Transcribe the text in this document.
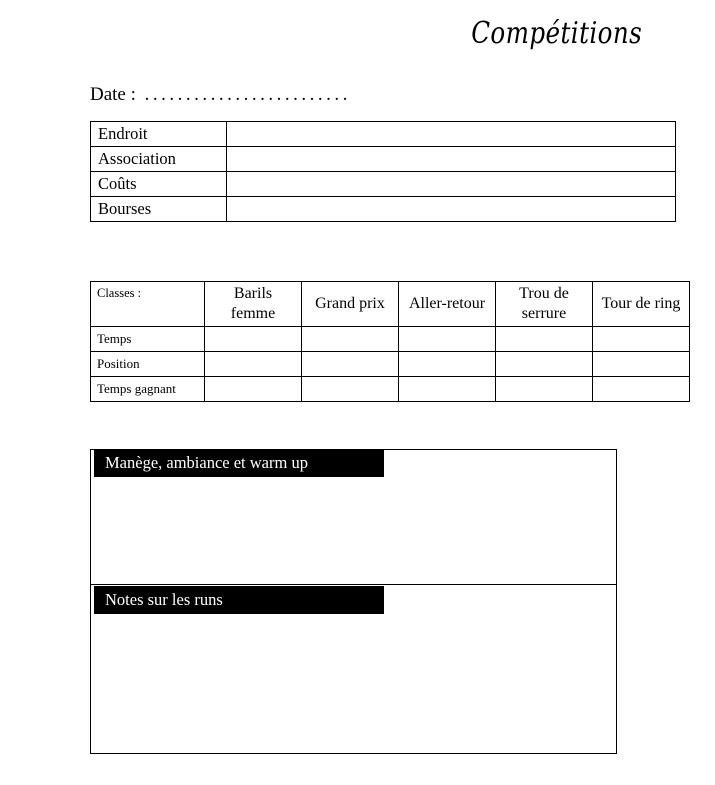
Compétitions
Date : .........................
Endroit	
Association	
Coûts	
Bourses	
Classes :	Barils femme	Grand prix	Aller-retour	Trou de serrure	Tour de ring
Temps					
Position					
Temps gagnant					
Manège, ambiance et warm up
Notes sur les runs
